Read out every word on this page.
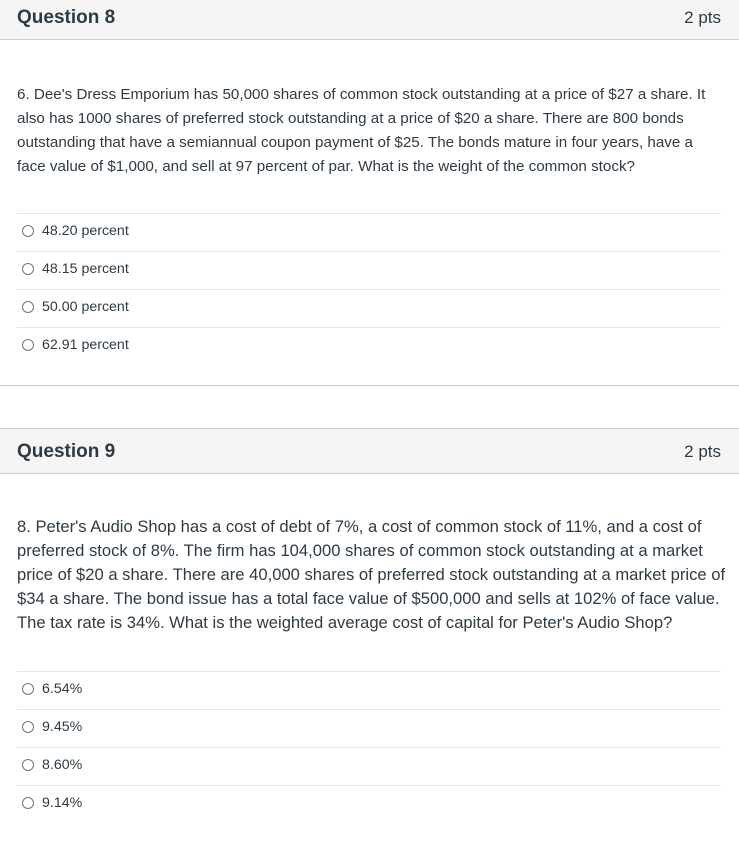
Question 8	2 pts
6. Dee's Dress Emporium has 50,000 shares of common stock outstanding at a price of $27 a share. It also has 1000 shares of preferred stock outstanding at a price of $20 a share. There are 800 bonds outstanding that have a semiannual coupon payment of $25. The bonds mature in four years, have a face value of $1,000, and sell at 97 percent of par. What is the weight of the common stock?
48.20 percent
48.15 percent
50.00 percent
62.91 percent
Question 9	2 pts
8. Peter's Audio Shop has a cost of debt of 7%, a cost of common stock of 11%, and a cost of preferred stock of 8%. The firm has 104,000 shares of common stock outstanding at a market price of $20 a share. There are 40,000 shares of preferred stock outstanding at a market price of $34 a share. The bond issue has a total face value of $500,000 and sells at 102% of face value. The tax rate is 34%. What is the weighted average cost of capital for Peter's Audio Shop?
6.54%
9.45%
8.60%
9.14%
